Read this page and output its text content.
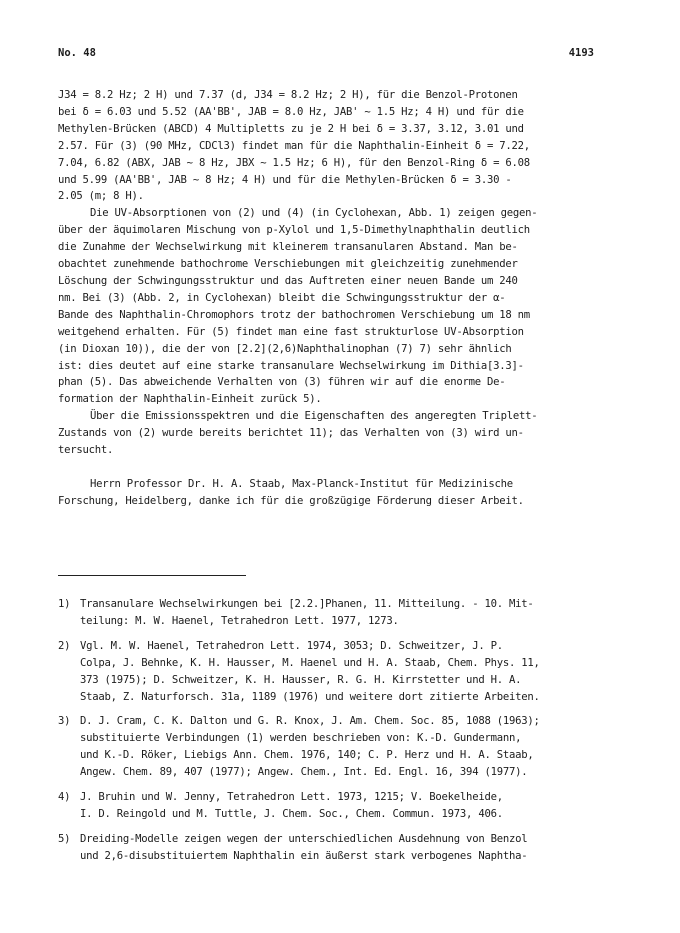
No. 48	4193

J34 = 8.2 Hz; 2 H) und 7.37 (d, J34 = 8.2 Hz; 2 H), für die Benzol-Protonen
bei δ = 6.03 und 5.52 (AA'BB', JAB = 8.0 Hz, JAB' ~ 1.5 Hz; 4 H) und für die
Methylen-Brücken (ABCD) 4 Multipletts zu je 2 H bei δ = 3.37, 3.12, 3.01 und
2.57. Für (3) (90 MHz, CDCl3) findet man für die Naphthalin-Einheit δ = 7.22,
7.04, 6.82 (ABX, JAB ~ 8 Hz, JBX ~ 1.5 Hz; 6 H), für den Benzol-Ring δ = 6.08
und 5.99 (AA'BB', JAB ~ 8 Hz; 4 H) und für die Methylen-Brücken δ = 3.30 -
2.05 (m; 8 H).

Die UV-Absorptionen von (2) und (4) (in Cyclohexan, Abb. 1) zeigen gegen-
über der äquimolaren Mischung von p-Xylol und 1,5-Dimethylnaphthalin deutlich
die Zunahme der Wechselwirkung mit kleinerem transanularen Abstand. Man be-
obachtet zunehmende bathochrome Verschiebungen mit gleichzeitig zunehmender
Löschung der Schwingungsstruktur und das Auftreten einer neuen Bande um 240
nm. Bei (3) (Abb. 2, in Cyclohexan) bleibt die Schwingungsstruktur der α-
Bande des Naphthalin-Chromophors trotz der bathochromen Verschiebung um 18 nm
weitgehend erhalten. Für (5) findet man eine fast strukturlose UV-Absorption
(in Dioxan 10)), die der von [2.2](2,6)Naphthalinophan (7) 7) sehr ähnlich
ist: dies deutet auf eine starke transanulare Wechselwirkung im Dithia[3.3]-
phan (5). Das abweichende Verhalten von (3) führen wir auf die enorme De-
formation der Naphthalin-Einheit zurück 5).

Über die Emissionsspektren und die Eigenschaften des angeregten Triplett-
Zustands von (2) wurde bereits berichtet 11); das Verhalten von (3) wird un-
tersucht.

Herrn Professor Dr. H. A. Staab, Max-Planck-Institut für Medizinische
Forschung, Heidelberg, danke ich für die großzügige Förderung dieser Arbeit.

1) Transanulare Wechselwirkungen bei [2.2.]Phanen, 11. Mitteilung. - 10. Mit-
teilung: M. W. Haenel, Tetrahedron Lett. 1977, 1273.
2) Vgl. M. W. Haenel, Tetrahedron Lett. 1974, 3053; D. Schweitzer, J. P.
Colpa, J. Behnke, K. H. Hausser, M. Haenel und H. A. Staab, Chem. Phys. 11,
373 (1975); D. Schweitzer, K. H. Hausser, R. G. H. Kirrstetter und H. A.
Staab, Z. Naturforsch. 31a, 1189 (1976) und weitere dort zitierte Arbeiten.
3) D. J. Cram, C. K. Dalton und G. R. Knox, J. Am. Chem. Soc. 85, 1088 (1963);
substituierte Verbindungen (1) werden beschrieben von: K.-D. Gundermann,
und K.-D. Röker, Liebigs Ann. Chem. 1976, 140; C. P. Herz und H. A. Staab,
Angew. Chem. 89, 407 (1977); Angew. Chem., Int. Ed. Engl. 16, 394 (1977).
4) J. Bruhin und W. Jenny, Tetrahedron Lett. 1973, 1215; V. Boekelheide,
I. D. Reingold und M. Tuttle, J. Chem. Soc., Chem. Commun. 1973, 406.
5) Dreiding-Modelle zeigen wegen der unterschiedlichen Ausdehnung von Benzol
und 2,6-disubstituiertem Naphthalin ein äußerst stark verbogenes Naphtha-
